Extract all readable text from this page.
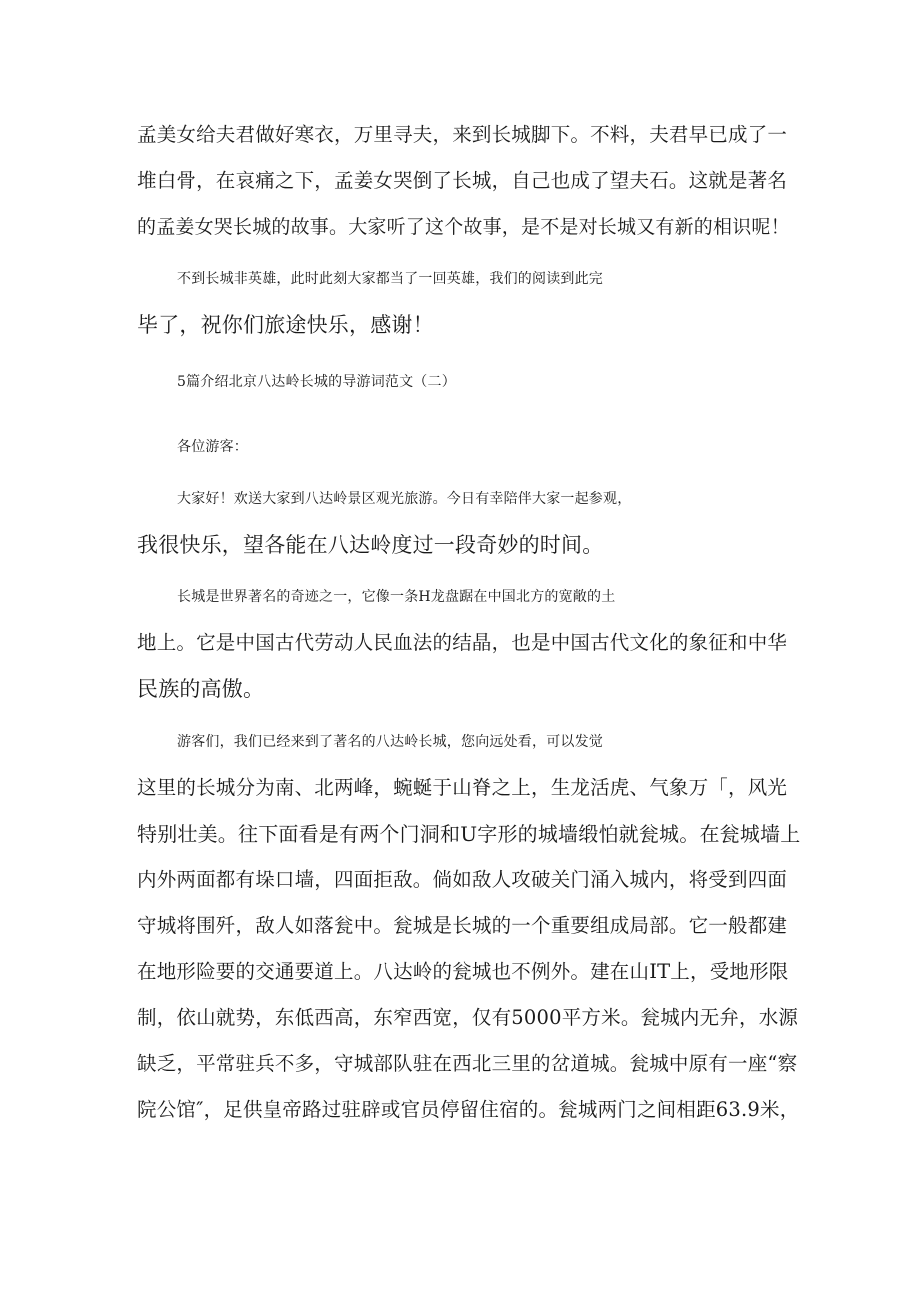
孟美女给夫君做好寒衣，万里寻夫，来到长城脚下。不料，夫君早已成了一
堆白骨，在哀痛之下，孟姜女哭倒了长城，自己也成了望夫石。这就是著名
的孟姜女哭长城的故事。大家听了这个故事，是不是对长城又有新的相识呢！
不到长城非英雄，此时此刻大家都当了一回英雄，我们的阅读到此完
毕了，祝你们旅途快乐，感谢！
5篇介绍北京八达岭长城的导游词范文（二）
各位游客：
大家好！欢送大家到八达岭景区观光旅游。今日有幸陪伴大家一起参观，
我很快乐，望各能在八达岭度过一段奇妙的时间。
长城是世界著名的奇迹之一，它像一条H龙盘踞在中国北方的宽敞的土
地上。它是中国古代劳动人民血法的结晶，也是中国古代文化的象征和中华
民族的高傲。
游客们，我们已经来到了著名的八达岭长城，您向远处看，可以发觉
这里的长城分为南、北两峰，蜿蜒于山脊之上，生龙活虎、气象万「，风光
特别壮美。往下面看是有两个门洞和U字形的城墙缎怕就瓮城。在瓮城墙上
内外两面都有垛口墙，四面拒敌。倘如敌人攻破关门涌入城内，将受到四面
守城将围歼，敌人如落瓮中。瓮城是长城的一个重要组成局部。它一般都建
在地形险要的交通要道上。八达岭的瓮城也不例外。建在山IT上，受地形限
制，依山就势，东低西高，东窄西宽，仅有5000平方米。瓮城内无弁，水源
缺乏，平常驻兵不多，守城部队驻在西北三里的岔道城。瓮城中原有一座“察
院公馆″，足供皇帝路过驻辟或官员停留住宿的。瓮城两门之间相距63.9米，
